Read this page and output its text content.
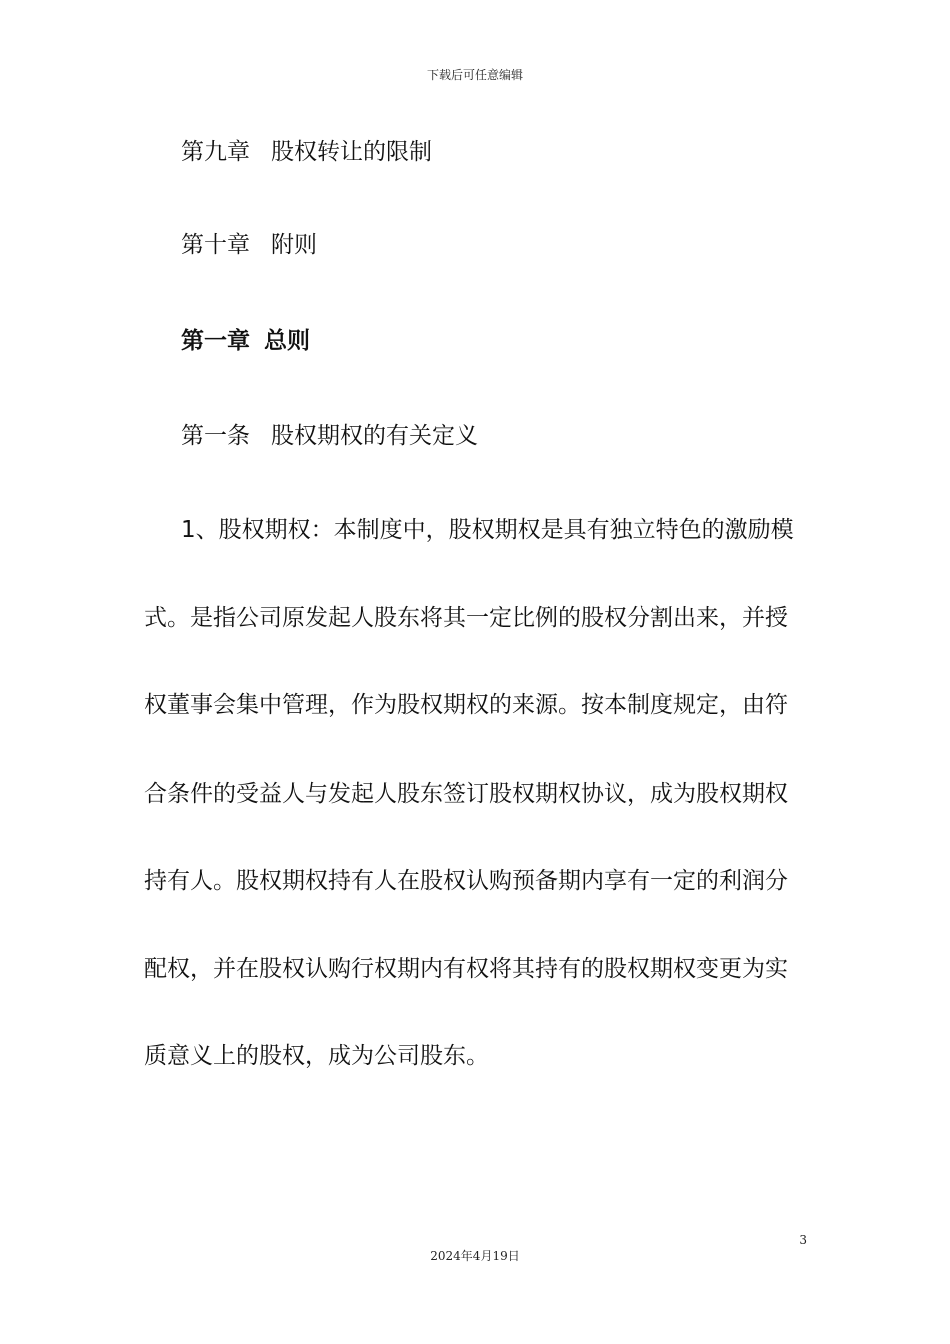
下载后可任意编辑
第九章 股权转让的限制
第十章 附则
第一章 总则
第一条 股权期权的有关定义
1、股权期权：本制度中，股权期权是具有独立特色的激励模
式。是指公司原发起人股东将其一定比例的股权分割出来，并授
权董事会集中管理，作为股权期权的来源。按本制度规定，由符
合条件的受益人与发起人股东签订股权期权协议，成为股权期权
持有人。股权期权持有人在股权认购预备期内享有一定的利润分
配权，并在股权认购行权期内有权将其持有的股权期权变更为实
质意义上的股权，成为公司股东。
3
2024年4月19日
